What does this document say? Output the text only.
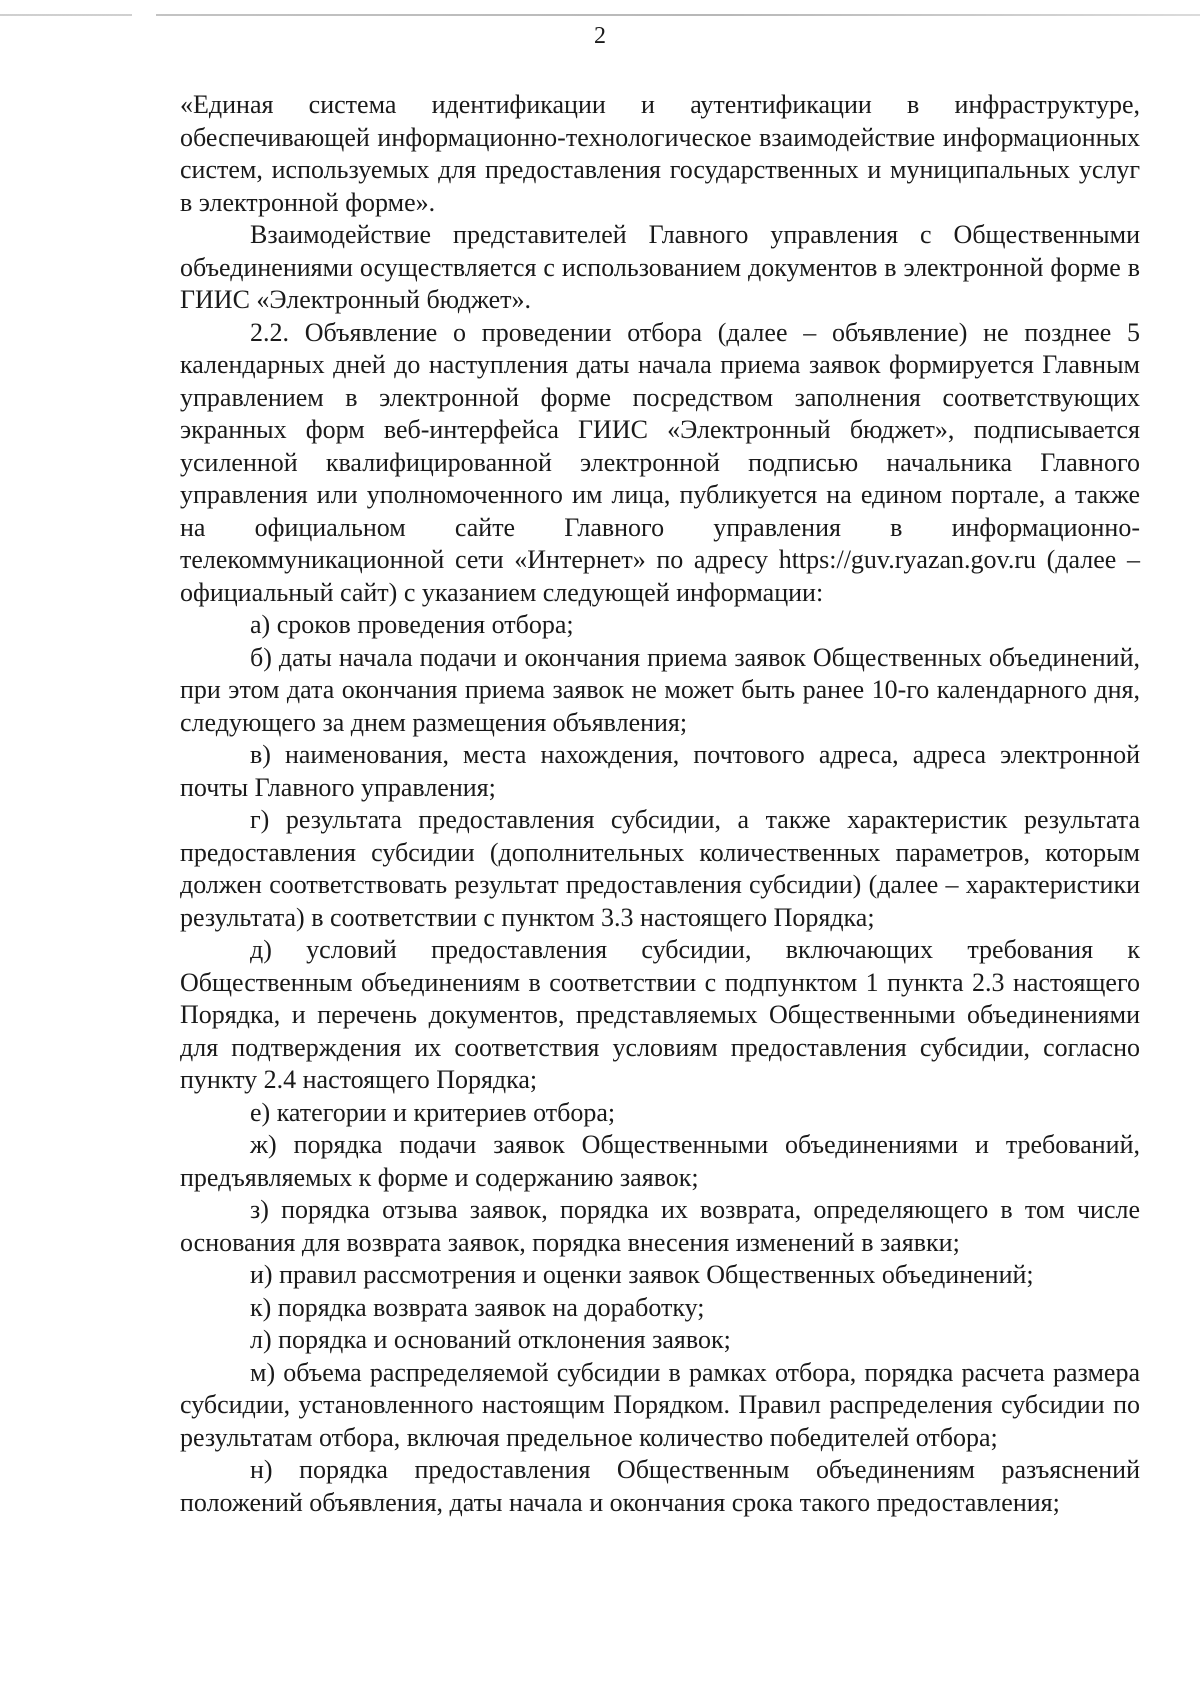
2

«Единая система идентификации и аутентификации в инфраструктуре, обеспечивающей информационно-технологическое взаимодействие информационных систем, используемых для предоставления государственных и муниципальных услуг в электронной форме».

Взаимодействие представителей Главного управления с Общественными объединениями осуществляется с использованием документов в электронной форме в ГИИС «Электронный бюджет».

2.2. Объявление о проведении отбора (далее – объявление) не позднее 5 календарных дней до наступления даты начала приема заявок формируется Главным управлением в электронной форме посредством заполнения соответствующих экранных форм веб-интерфейса ГИИС «Электронный бюджет», подписывается усиленной квалифицированной электронной подписью начальника Главного управления или уполномоченного им лица, публикуется на едином портале, а также на официальном сайте Главного управления в информационно-телекоммуникационной сети «Интернет» по адресу https://guv.ryazan.gov.ru (далее – официальный сайт) с указанием следующей информации:

а) сроков проведения отбора;

б) даты начала подачи и окончания приема заявок Общественных объединений, при этом дата окончания приема заявок не может быть ранее 10-го календарного дня, следующего за днем размещения объявления;

в) наименования, места нахождения, почтового адреса, адреса электронной почты Главного управления;

г) результата предоставления субсидии, а также характеристик результата предоставления субсидии (дополнительных количественных параметров, которым должен соответствовать результат предоставления субсидии) (далее – характеристики результата) в соответствии с пунктом 3.3 настоящего Порядка;

д) условий предоставления субсидии, включающих требования к Общественным объединениям в соответствии с подпунктом 1 пункта 2.3 настоящего Порядка, и перечень документов, представляемых Общественными объединениями для подтверждения их соответствия условиям предоставления субсидии, согласно пункту 2.4 настоящего Порядка;

е) категории и критериев отбора;

ж) порядка подачи заявок Общественными объединениями и требований, предъявляемых к форме и содержанию заявок;

з) порядка отзыва заявок, порядка их возврата, определяющего в том числе основания для возврата заявок, порядка внесения изменений в заявки;

и) правил рассмотрения и оценки заявок Общественных объединений;

к) порядка возврата заявок на доработку;

л) порядка и оснований отклонения заявок;

м) объема распределяемой субсидии в рамках отбора, порядка расчета размера субсидии, установленного настоящим Порядком. Правил распределения субсидии по результатам отбора, включая предельное количество победителей отбора;

н) порядка предоставления Общественным объединениям разъяснений положений объявления, даты начала и окончания срока такого предоставления;
